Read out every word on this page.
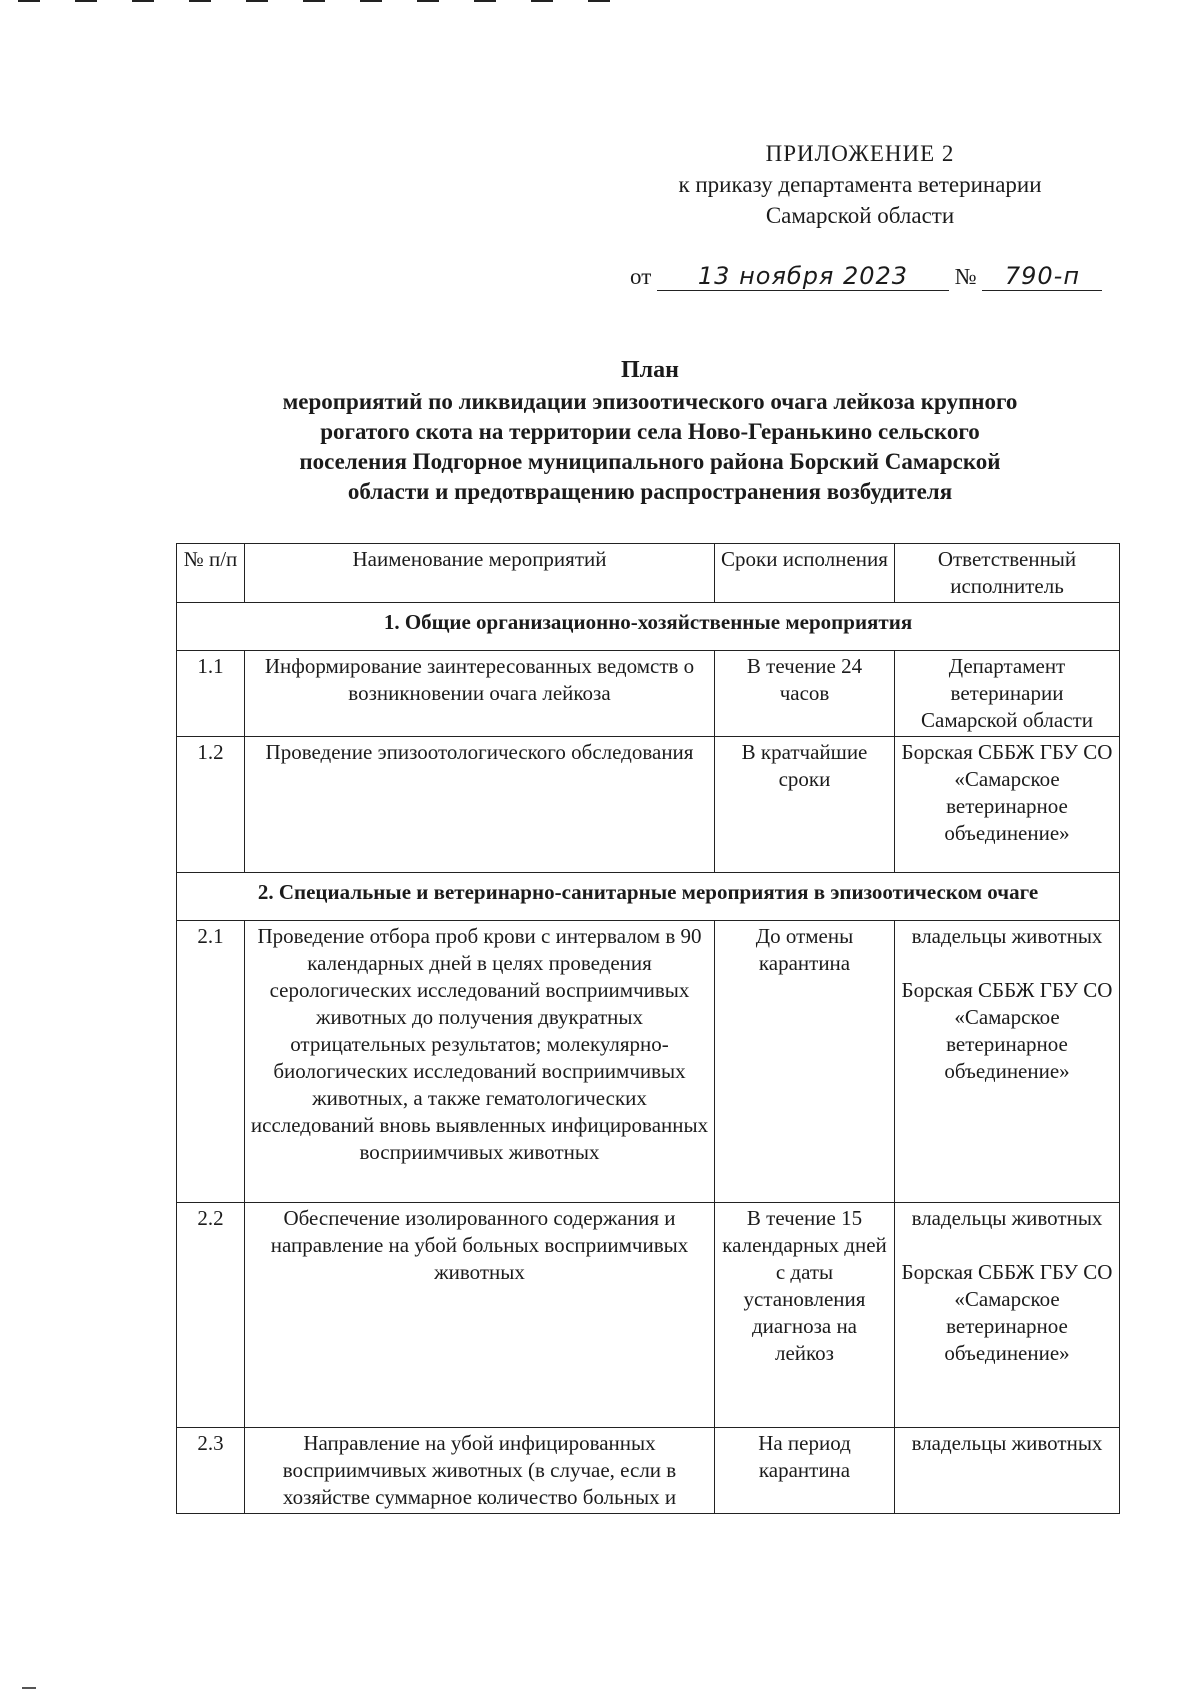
ПРИЛОЖЕНИЕ 2
к приказу департамента ветеринарии
Самарской области
от 13 ноября 2023 № 790-п
План
мероприятий по ликвидации эпизоотического очага лейкоза крупного
рогатого скота на территории села Ново-Геранькино сельского
поселения Подгорное муниципального района Борский Самарской
области и предотвращению распространения возбудителя
№ п/п	Наименование мероприятий	Сроки исполнения	Ответственный исполнитель
1. Общие организационно-хозяйственные мероприятия			
1.1	Информирование заинтересованных ведомств о возникновении очага лейкоза	В течение 24 часов	Департамент ветеринарии Самарской области

1.2	Проведение эпизоотологического обследования	В кратчайшие сроки	Борская СББЖ ГБУ СО «Самарское ветеринарное объединение»

2. Специальные и ветеринарно-санитарные мероприятия в эпизоотическом очаге			
2.1	Проведение отбора проб крови с интервалом в 90 календарных дней в целях проведения серологических исследований восприимчивых животных до получения двукратных отрицательных результатов; молекулярно-биологических исследований восприимчивых животных, а также гематологических исследований вновь выявленных инфицированных восприимчивых животных	До отмены карантина	владельцы животных
Борская СББЖ ГБУ СО «Самарское ветеринарное объединение»

2.2	Обеспечение изолированного содержания и направление на убой больных восприимчивых животных	В течение 15 календарных дней с даты установления диагноза на лейкоз	владельцы животных
Борская СББЖ ГБУ СО «Самарское ветеринарное объединение»

2.3	Направление на убой инфицированных восприимчивых животных (в случае, если в хозяйстве суммарное количество больных и	На период карантина	владельцы животных
